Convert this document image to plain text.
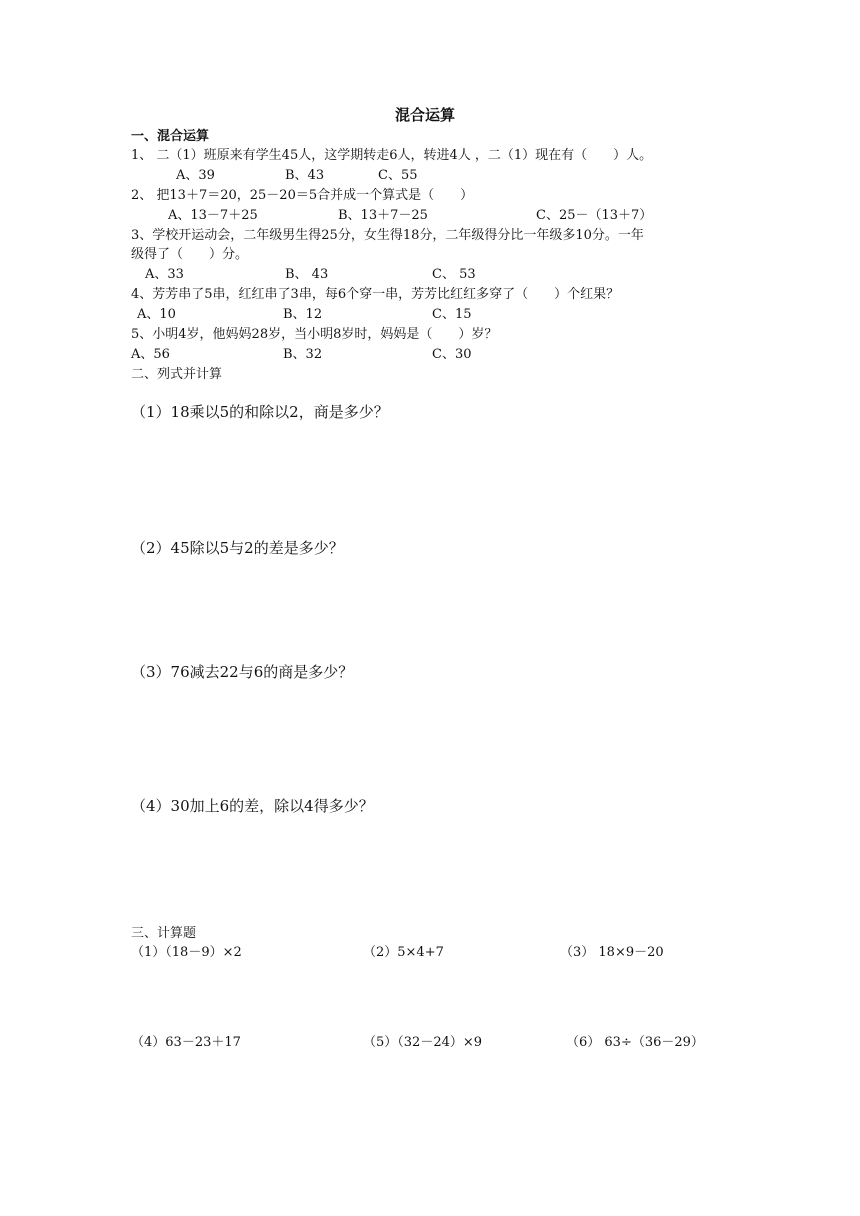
混合运算
一、混合运算
1、 二（1）班原来有学生45人，这学期转走6人，转进4人 ，二（1）现在有（　　）人。
A、39	B、43	C、55
2、 把13＋7＝20，25－20＝5合并成一个算式是（　　）
A、13－7＋25	B、13＋7－25	C、25－（13＋7）
3、学校开运动会，二年级男生得25分，女生得18分，二年级得分比一年级多10分。一年
级得了（　　）分。
A、33	B、 43	C、 53
4、芳芳串了5串，红红串了3串，每6个穿一串，芳芳比红红多穿了（　　）个红果？
A、10	B、12	C、15
5、小明4岁，他妈妈28岁，当小明8岁时，妈妈是（　　）岁？
A、56	B、32	C、30
二、列式并计算
（1）18乘以5的和除以2，商是多少？
（2）45除以5与2的差是多少？
（3）76减去22与6的商是多少？
（4）30加上6的差，除以4得多少？
三、计算题
（1）（18－9）×2	（2）5×4+7	（3） 18×9－20
（4）63－23＋17	（5）（32－24）×9	（6） 63÷（36－29）
